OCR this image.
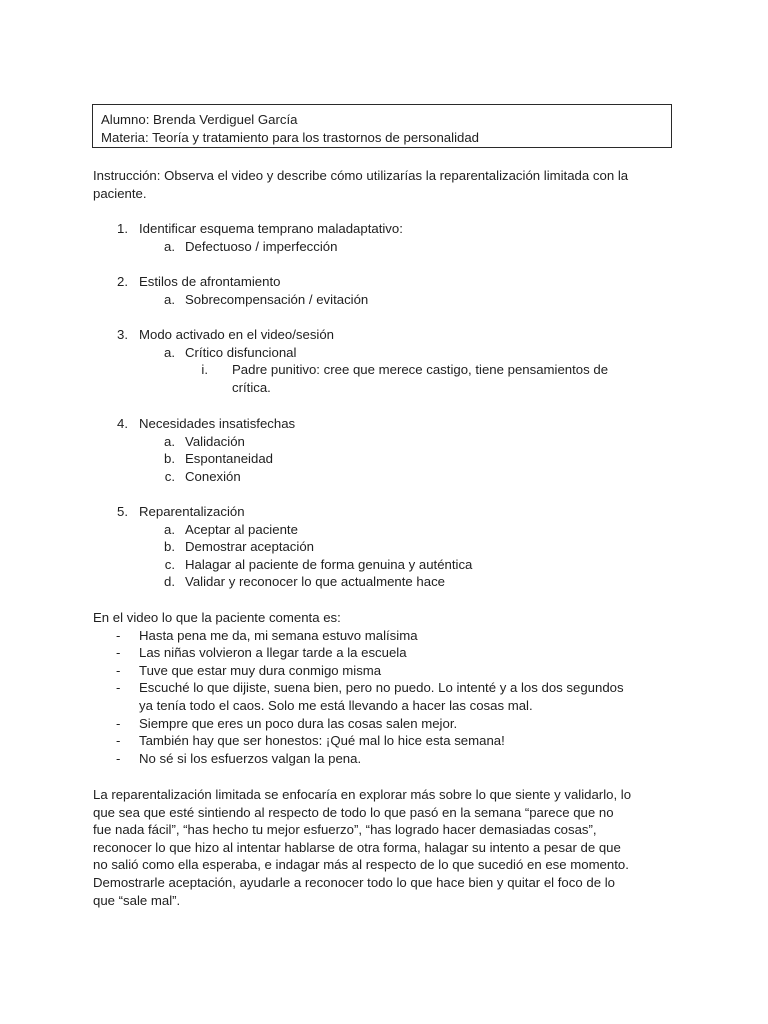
Alumno: Brenda Verdiguel García
Materia: Teoría y tratamiento para los trastornos de personalidad
Instrucción: Observa el video y describe cómo utilizarías la reparentalización limitada con la
paciente.
1. Identificar esquema temprano maladaptativo:
a. Defectuoso / imperfección
2. Estilos de afrontamiento
a. Sobrecompensación / evitación
3. Modo activado en el video/sesión
a. Crítico disfuncional
i. Padre punitivo: cree que merece castigo, tiene pensamientos de
crítica.
4. Necesidades insatisfechas
a. Validación
b. Espontaneidad
c. Conexión
5. Reparentalización
a. Aceptar al paciente
b. Demostrar aceptación
c. Halagar al paciente de forma genuina y auténtica
d. Validar y reconocer lo que actualmente hace
En el video lo que la paciente comenta es:
- Hasta pena me da, mi semana estuvo malísima
- Las niñas volvieron a llegar tarde a la escuela
- Tuve que estar muy dura conmigo misma
- Escuché lo que dijiste, suena bien, pero no puedo. Lo intenté y a los dos segundos
ya tenía todo el caos. Solo me está llevando a hacer las cosas mal.
- Siempre que eres un poco dura las cosas salen mejor.
- También hay que ser honestos: ¡Qué mal lo hice esta semana!
- No sé si los esfuerzos valgan la pena.
La reparentalización limitada se enfocaría en explorar más sobre lo que siente y validarlo, lo
que sea que esté sintiendo al respecto de todo lo que pasó en la semana “parece que no
fue nada fácil”, “has hecho tu mejor esfuerzo”, “has logrado hacer demasiadas cosas”,
reconocer lo que hizo al intentar hablarse de otra forma, halagar su intento a pesar de que
no salió como ella esperaba, e indagar más al respecto de lo que sucedió en ese momento.
Demostrarle aceptación, ayudarle a reconocer todo lo que hace bien y quitar el foco de lo
que “sale mal”.
